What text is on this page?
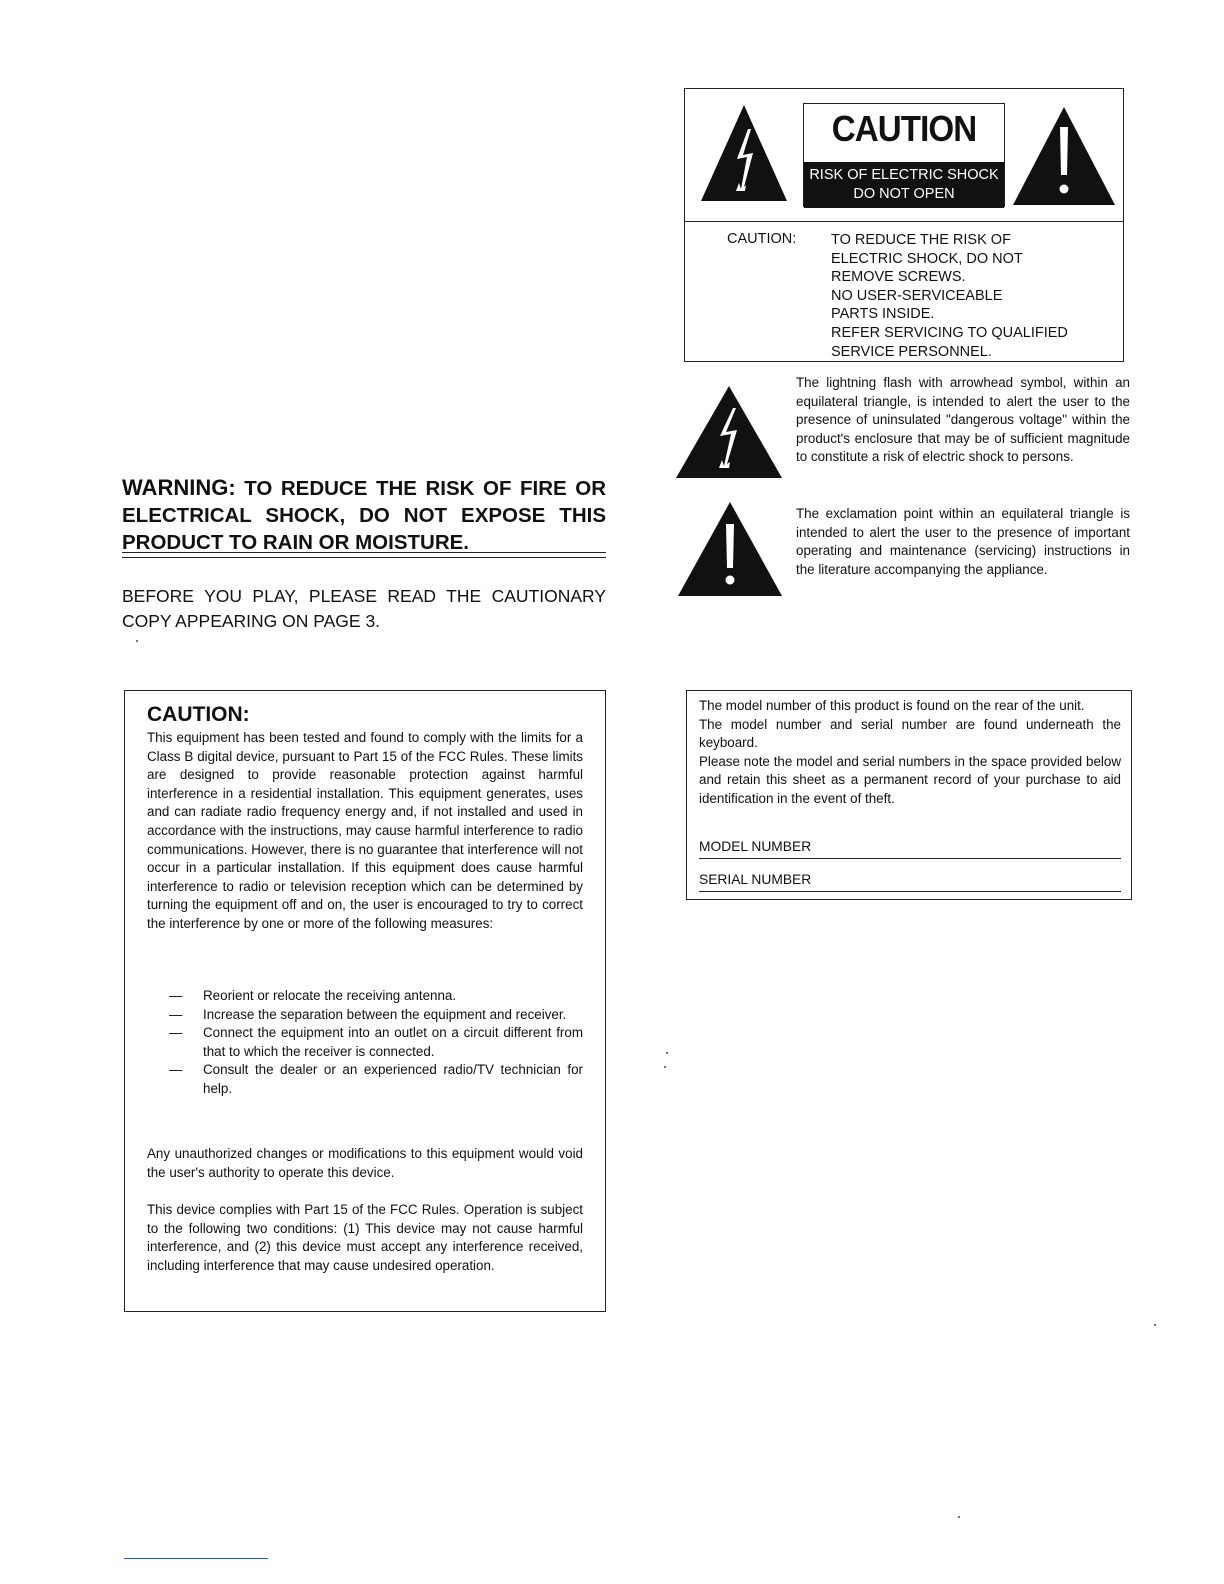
CAUTION
RISK OF ELECTRIC SHOCK
DO NOT OPEN
CAUTION: TO REDUCE THE RISK OF
ELECTRIC SHOCK, DO NOT
REMOVE SCREWS.
NO USER-SERVICEABLE
PARTS INSIDE.
REFER SERVICING TO QUALIFIED
SERVICE PERSONNEL.
The lightning flash with arrowhead symbol, within an equilateral triangle, is intended to alert the user to the presence of uninsulated "dangerous voltage" within the product's enclosure that may be of sufficient magnitude to constitute a risk of electric shock to persons.
The exclamation point within an equilateral triangle is intended to alert the user to the presence of important operating and maintenance (servicing) instructions in the literature accompanying the appliance.
WARNING: TO REDUCE THE RISK OF FIRE OR ELECTRICAL SHOCK, DO NOT EXPOSE THIS PRODUCT TO RAIN OR MOISTURE.
BEFORE YOU PLAY, PLEASE READ THE CAUTIONARY COPY APPEARING ON PAGE 3.
CAUTION:
This equipment has been tested and found to comply with the limits for a Class B digital device, pursuant to Part 15 of the FCC Rules. These limits are designed to provide reasonable protection against harmful interference in a residential installation. This equipment generates, uses and can radiate radio frequency energy and, if not installed and used in accordance with the instructions, may cause harmful interference to radio communications. However, there is no guarantee that interference will not occur in a particular installation. If this equipment does cause harmful interference to radio or television reception which can be determined by turning the equipment off and on, the user is encouraged to try to correct the interference by one or more of the following measures:
—	Reorient or relocate the receiving antenna.
—	Increase the separation between the equipment and receiver.
—	Connect the equipment into an outlet on a circuit different from that to which the receiver is connected.
—	Consult the dealer or an experienced radio/TV technician for help.
Any unauthorized changes or modifications to this equipment would void the user's authority to operate this device.
This device complies with Part 15 of the FCC Rules. Operation is subject to the following two conditions: (1) This device may not cause harmful interference, and (2) this device must accept any interference received, including interference that may cause undesired operation.
The model number of this product is found on the rear of the unit.
The model number and serial number are found underneath the keyboard.
Please note the model and serial numbers in the space provided below and retain this sheet as a permanent record of your purchase to aid identification in the event of theft.
MODEL NUMBER
SERIAL NUMBER
